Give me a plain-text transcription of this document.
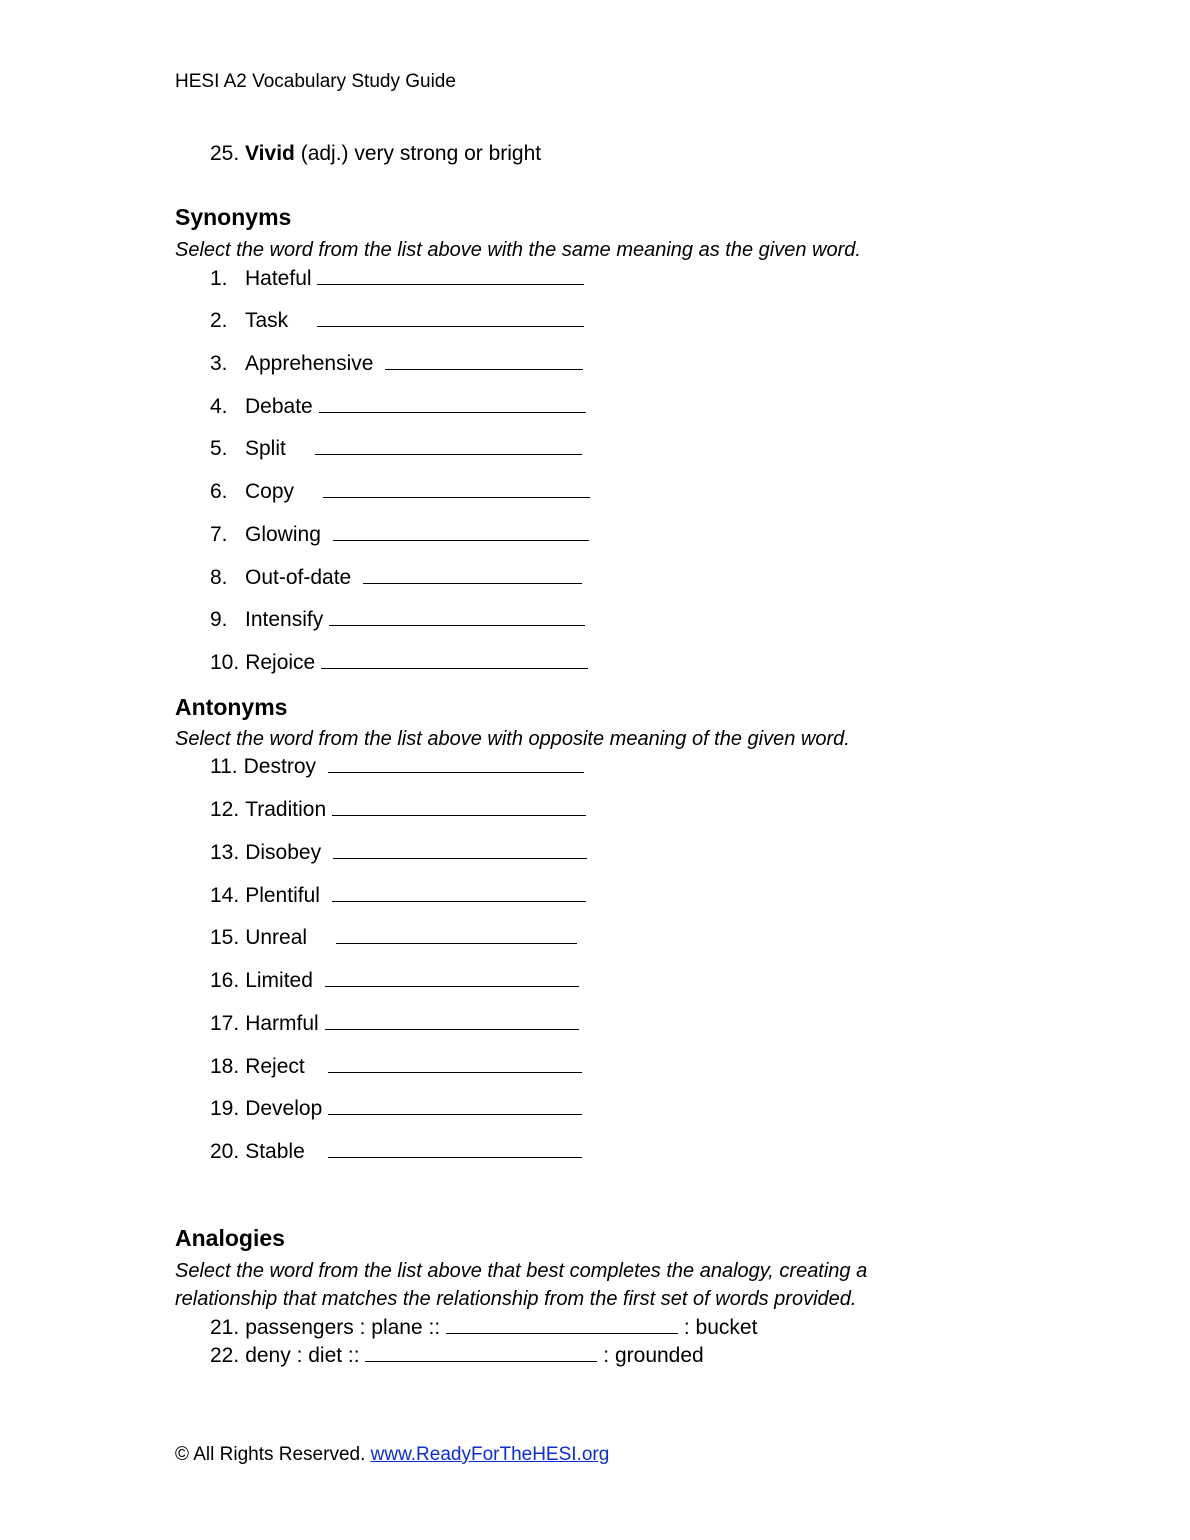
HESI A2 Vocabulary Study Guide
25. Vivid (adj.) very strong or bright
Synonyms
Select the word from the list above with the same meaning as the given word.
1. Hateful
2. Task
3. Apprehensive
4. Debate
5. Split
6. Copy
7. Glowing
8. Out-of-date
9. Intensify
10. Rejoice
Antonyms
Select the word from the list above with opposite meaning of the given word.
11. Destroy
12. Tradition
13. Disobey
14. Plentiful
15. Unreal
16. Limited
17. Harmful
18. Reject
19. Develop
20. Stable
Analogies
Select the word from the list above that best completes the analogy, creating a
relationship that matches the relationship from the first set of words provided.
21. passengers : plane ::	: bucket
22. deny : diet ::	: grounded
© All Rights Reserved. www.ReadyForTheHESI.org
